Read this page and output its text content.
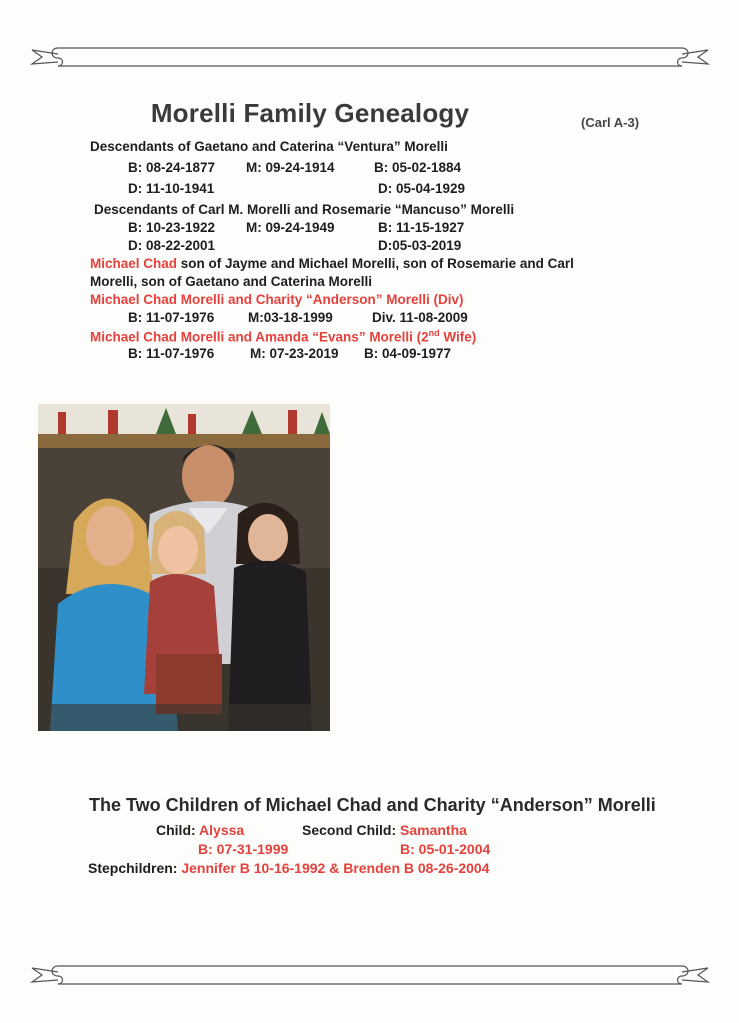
Morelli Family Genealogy	(Carl A-3)
Descendants of Gaetano and Caterina “Ventura” Morelli
B: 08-24-1877 M: 09-24-1914	B: 05-02-1884
D: 11-10-1941	D: 05-04-1929
Descendants of Carl M. Morelli and Rosemarie “Mancuso” Morelli
B: 10-23-1922 M: 09-24-1949	B: 11-15-1927
D: 08-22-2001	D:05-03-2019
Michael Chad son of Jayme and Michael Morelli, son of Rosemarie and Carl
Morelli, son of Gaetano and Caterina Morelli
Michael Chad Morelli and Charity “Anderson” Morelli (Div)
B: 11-07-1976 M:03-18-1999	Div. 11-08-2009
Michael Chad Morelli and Amanda “Evans” Morelli (2nd Wife)
B: 11-07-1976	M: 07-23-2019 B: 04-09-1977
The Two Children of Michael Chad and Charity “Anderson” Morelli
Child: Alyssa	Second Child: Samantha
B: 07-31-1999	B: 05-01-2004
Stepchildren: Jennifer B 10-16-1992 & Brenden B 08-26-2004
